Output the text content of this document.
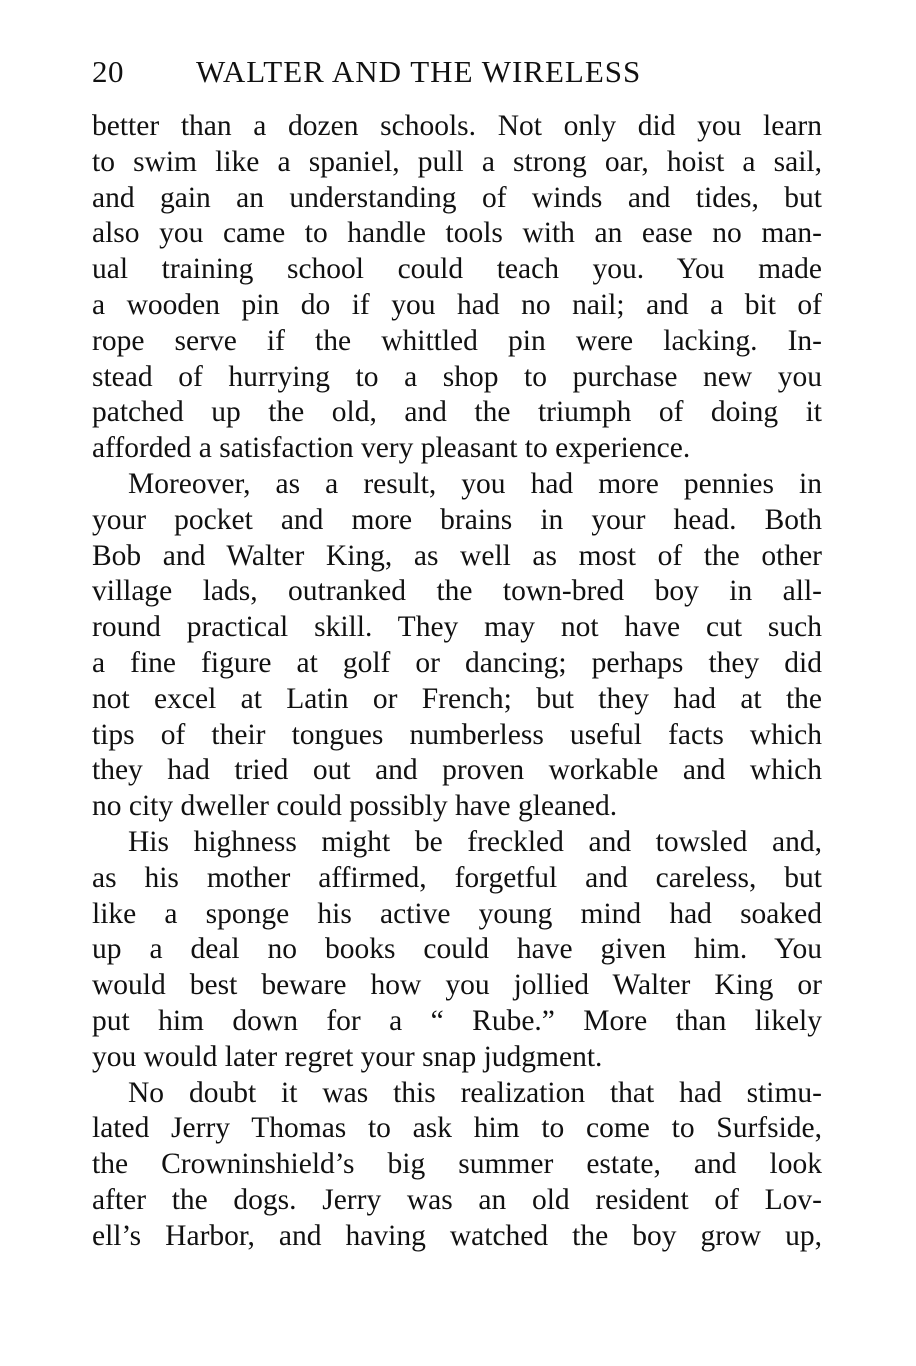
20 WALTER AND THE WIRELESS
better than a dozen schools. Not only did you learn
to swim like a spaniel, pull a strong oar, hoist a sail,
and gain an understanding of winds and tides, but
also you came to handle tools with an ease no man-
ual training school could teach you. You made
a wooden pin do if you had no nail; and a bit of
rope serve if the whittled pin were lacking. In-
stead of hurrying to a shop to purchase new you
patched up the old, and the triumph of doing it
afforded a satisfaction very pleasant to experience.
Moreover, as a result, you had more pennies in
your pocket and more brains in your head. Both
Bob and Walter King, as well as most of the other
village lads, outranked the town-bred boy in all-
round practical skill. They may not have cut such
a fine figure at golf or dancing; perhaps they did
not excel at Latin or French; but they had at the
tips of their tongues numberless useful facts which
they had tried out and proven workable and which
no city dweller could possibly have gleaned.
His highness might be freckled and towsled and,
as his mother affirmed, forgetful and careless, but
like a sponge his active young mind had soaked
up a deal no books could have given him. You
would best beware how you jollied Walter King or
put him down for a “ Rube.” More than likely
you would later regret your snap judgment.
No doubt it was this realization that had stimu-
lated Jerry Thomas to ask him to come to Surfside,
the Crowninshield’s big summer estate, and look
after the dogs. Jerry was an old resident of Lov-
ell’s Harbor, and having watched the boy grow up,
